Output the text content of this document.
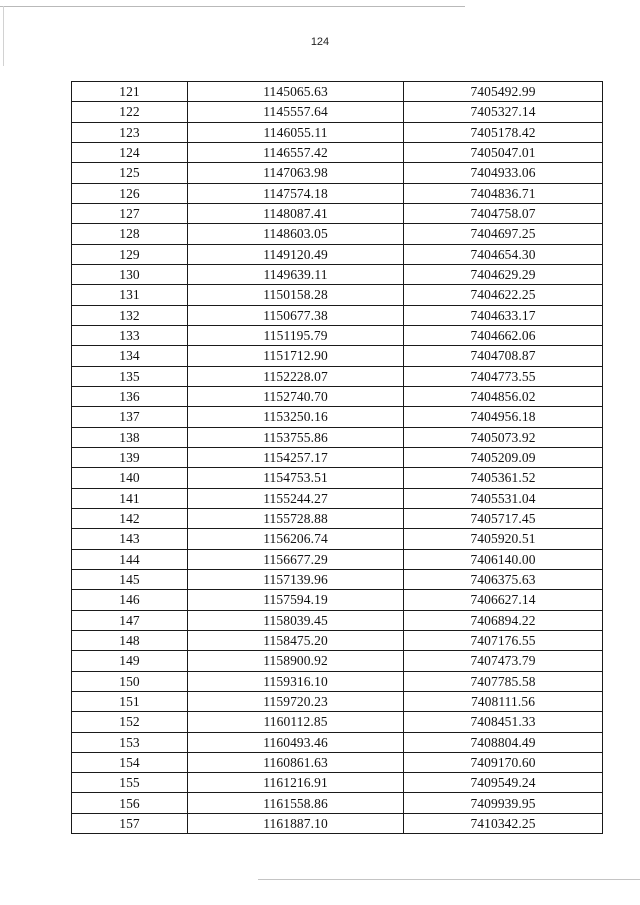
124
121	1145065.63	7405492.99
122	1145557.64	7405327.14
123	1146055.11	7405178.42
124	1146557.42	7405047.01
125	1147063.98	7404933.06
126	1147574.18	7404836.71
127	1148087.41	7404758.07
128	1148603.05	7404697.25
129	1149120.49	7404654.30
130	1149639.11	7404629.29
131	1150158.28	7404622.25
132	1150677.38	7404633.17
133	1151195.79	7404662.06
134	1151712.90	7404708.87
135	1152228.07	7404773.55
136	1152740.70	7404856.02
137	1153250.16	7404956.18
138	1153755.86	7405073.92
139	1154257.17	7405209.09
140	1154753.51	7405361.52
141	1155244.27	7405531.04
142	1155728.88	7405717.45
143	1156206.74	7405920.51
144	1156677.29	7406140.00
145	1157139.96	7406375.63
146	1157594.19	7406627.14
147	1158039.45	7406894.22
148	1158475.20	7407176.55
149	1158900.92	7407473.79
150	1159316.10	7407785.58
151	1159720.23	7408111.56
152	1160112.85	7408451.33
153	1160493.46	7408804.49
154	1160861.63	7409170.60
155	1161216.91	7409549.24
156	1161558.86	7409939.95
157	1161887.10	7410342.25
